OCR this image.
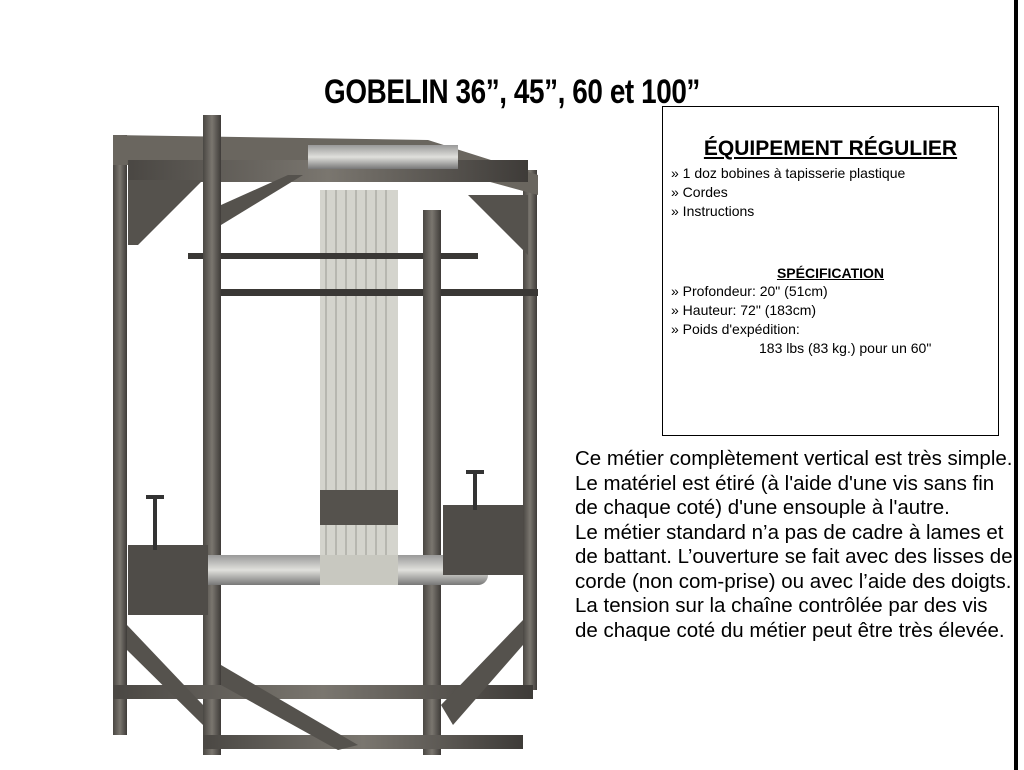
GOBELIN 36”, 45”, 60 et 100”
ÉQUIPEMENT RÉGULIER
» 1 doz bobines à tapisserie plastique
» Cordes
» Instructions
SPÉCIFICATION
» Profondeur: 20" (51cm)
» Hauteur: 72" (183cm)
» Poids d'expédition:
183 lbs (83 kg.) pour un 60"

Ce métier complètement vertical est très simple. Le matériel est étiré (à l'aide d'une vis sans fin de chaque coté) d'une ensouple à l'autre.

Le métier standard n’a pas de cadre à lames et de battant. L’ouverture se fait avec des lisses de corde (non com-prise) ou avec l’aide des doigts.

La tension sur la chaîne contrôlée par des vis de chaque coté du métier peut être très élevée.
